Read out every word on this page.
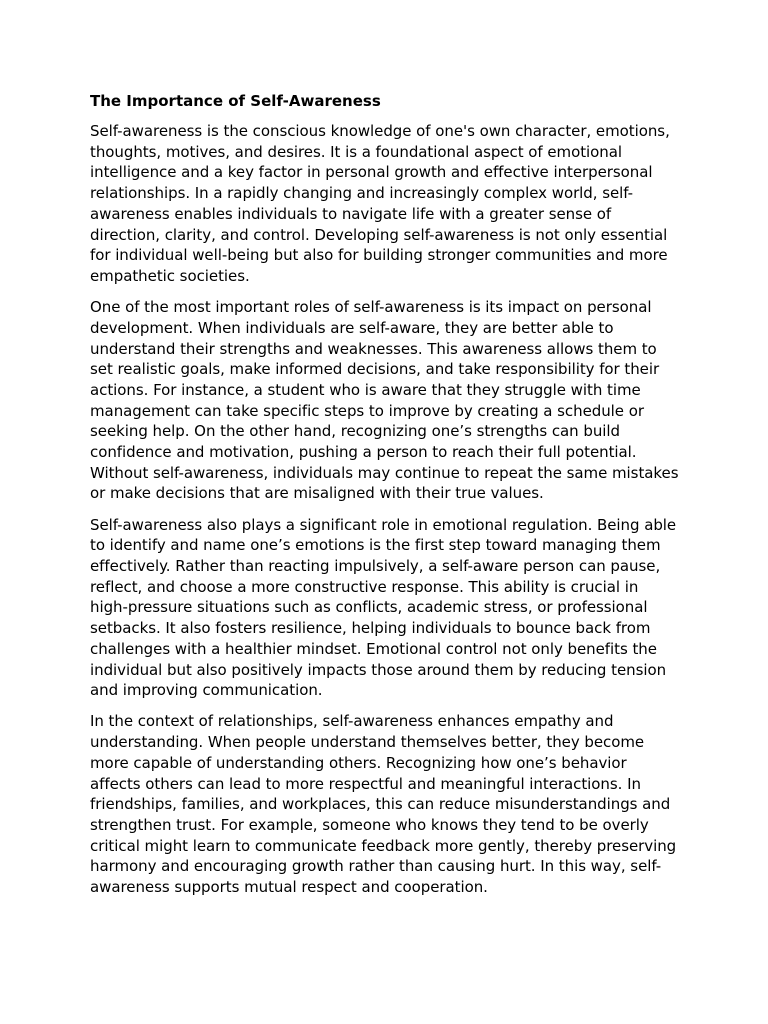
The Importance of Self-Awareness

Self-awareness is the conscious knowledge of one's own character, emotions, thoughts, motives, and desires. It is a foundational aspect of emotional intelligence and a key factor in personal growth and effective interpersonal relationships. In a rapidly changing and increasingly complex world, self-awareness enables individuals to navigate life with a greater sense of direction, clarity, and control. Developing self-awareness is not only essential for individual well-being but also for building stronger communities and more empathetic societies.

One of the most important roles of self-awareness is its impact on personal development. When individuals are self-aware, they are better able to understand their strengths and weaknesses. This awareness allows them to set realistic goals, make informed decisions, and take responsibility for their actions. For instance, a student who is aware that they struggle with time management can take specific steps to improve by creating a schedule or seeking help. On the other hand, recognizing one’s strengths can build confidence and motivation, pushing a person to reach their full potential. Without self-awareness, individuals may continue to repeat the same mistakes or make decisions that are misaligned with their true values.

Self-awareness also plays a significant role in emotional regulation. Being able to identify and name one’s emotions is the first step toward managing them effectively. Rather than reacting impulsively, a self-aware person can pause, reflect, and choose a more constructive response. This ability is crucial in high-pressure situations such as conflicts, academic stress, or professional setbacks. It also fosters resilience, helping individuals to bounce back from challenges with a healthier mindset. Emotional control not only benefits the individual but also positively impacts those around them by reducing tension and improving communication.

In the context of relationships, self-awareness enhances empathy and understanding. When people understand themselves better, they become more capable of understanding others. Recognizing how one’s behavior affects others can lead to more respectful and meaningful interactions. In friendships, families, and workplaces, this can reduce misunderstandings and strengthen trust. For example, someone who knows they tend to be overly critical might learn to communicate feedback more gently, thereby preserving harmony and encouraging growth rather than causing hurt. In this way, self-awareness supports mutual respect and cooperation.
